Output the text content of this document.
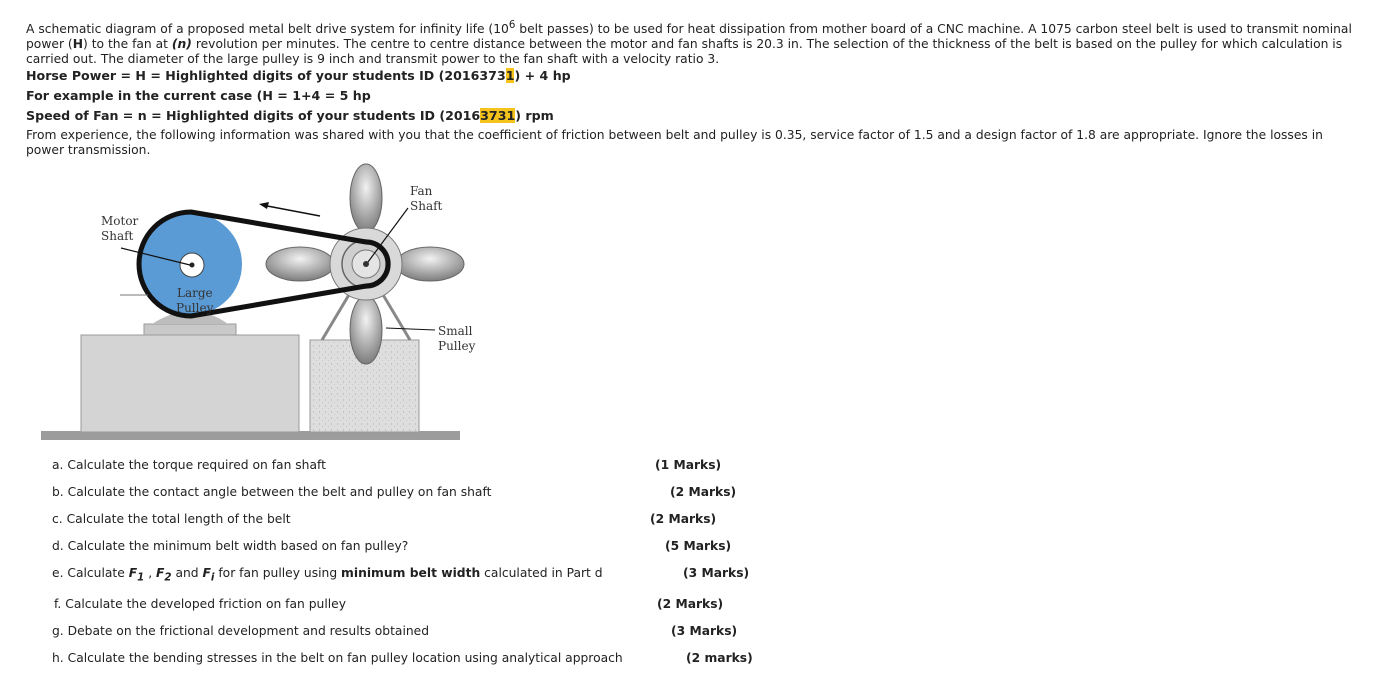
A schematic diagram of a proposed metal belt drive system for infinity life ($10^6$ belt passes) to be used for heat dissipation from mother board of a CNC machine. A 1075 carbon steel belt is used to transmit nominal power (H) to the fan at (n) revolution per minutes. The centre to centre distance between the motor and fan shafts is 20.3 in. The selection of the thickness of the belt is based on the pulley for which calculation is carried out. The diameter of the large pulley is 9 inch and transmit power to the fan shaft with a velocity ratio 3.

Horse Power = H = Highlighted digits of your students ID (20163731) + 4 hp

For example in the current case (H = 1+4 = 5 hp

Speed of Fan = n = Highlighted digits of your students ID (20163731) rpm

From experience, the following information was shared with you that the coefficient of friction between belt and pulley is 0.35, service factor of 1.5 and a design factor of 1.8 are appropriate. Ignore the losses in power transmission.

Fan
Shaft
Motor
Shaft
Large
Pulley
Small
Pulley
a. Calculate the torque required on fan shaft	(1 Marks)
b. Calculate the contact angle between the belt and pulley on fan shaft	(2 Marks)
c. Calculate the total length of the belt	(2 Marks)
d. Calculate the minimum belt width based on fan pulley?	(5 Marks)
e. Calculate $F_1$ , $F_2$ and $F_i$ for fan pulley using minimum belt width calculated in Part d	(3 Marks)
f. Calculate the developed friction on fan pulley	(2 Marks)
g. Debate on the frictional development and results obtained	(3 Marks)
h. Calculate the bending stresses in the belt on fan pulley location using analytical approach	(2 marks)
